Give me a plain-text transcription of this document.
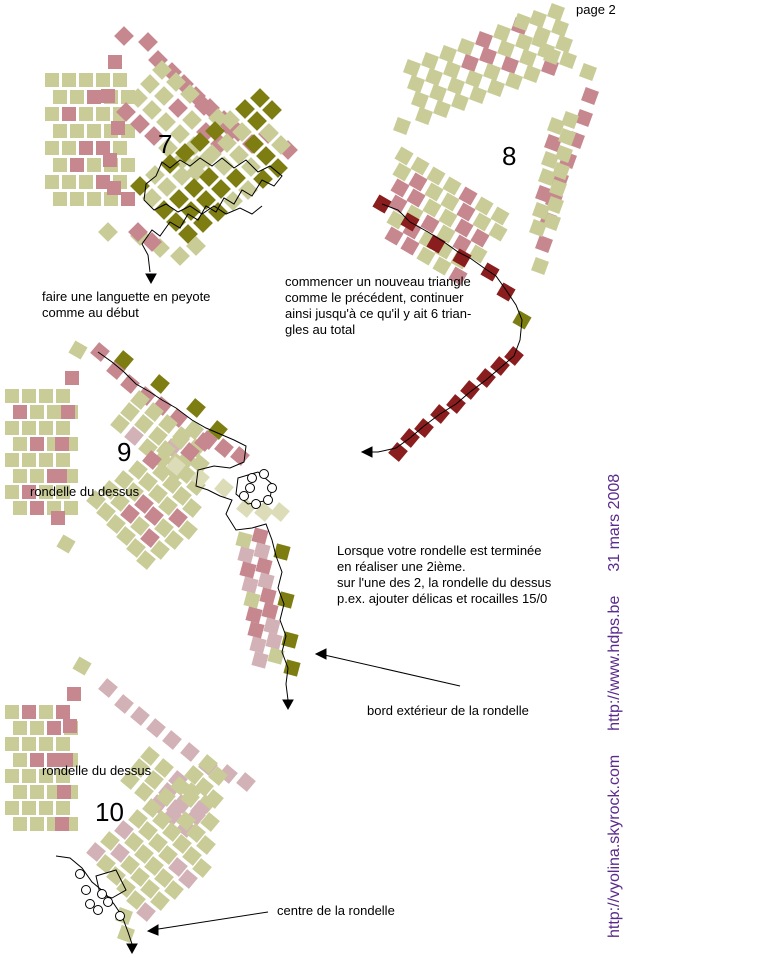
page 2
7
faire une languette en peyote
comme au début
8
commencer un nouveau triangle
comme le précédent, continuer
ainsi jusqu'à ce qu'il y ait 6 trian-
gles au total
9
rondelle du dessus
Lorsque votre rondelle est terminée
en réaliser une 2ième.
sur l'une des 2, la rondelle du dessus
p.ex. ajouter délicas et rocailles 15/0
bord extérieur de la rondelle
10
rondelle du dessus
centre de la rondelle	http://vyolina.skyrock.comhttp://www.hdps.be31 mars 2008
